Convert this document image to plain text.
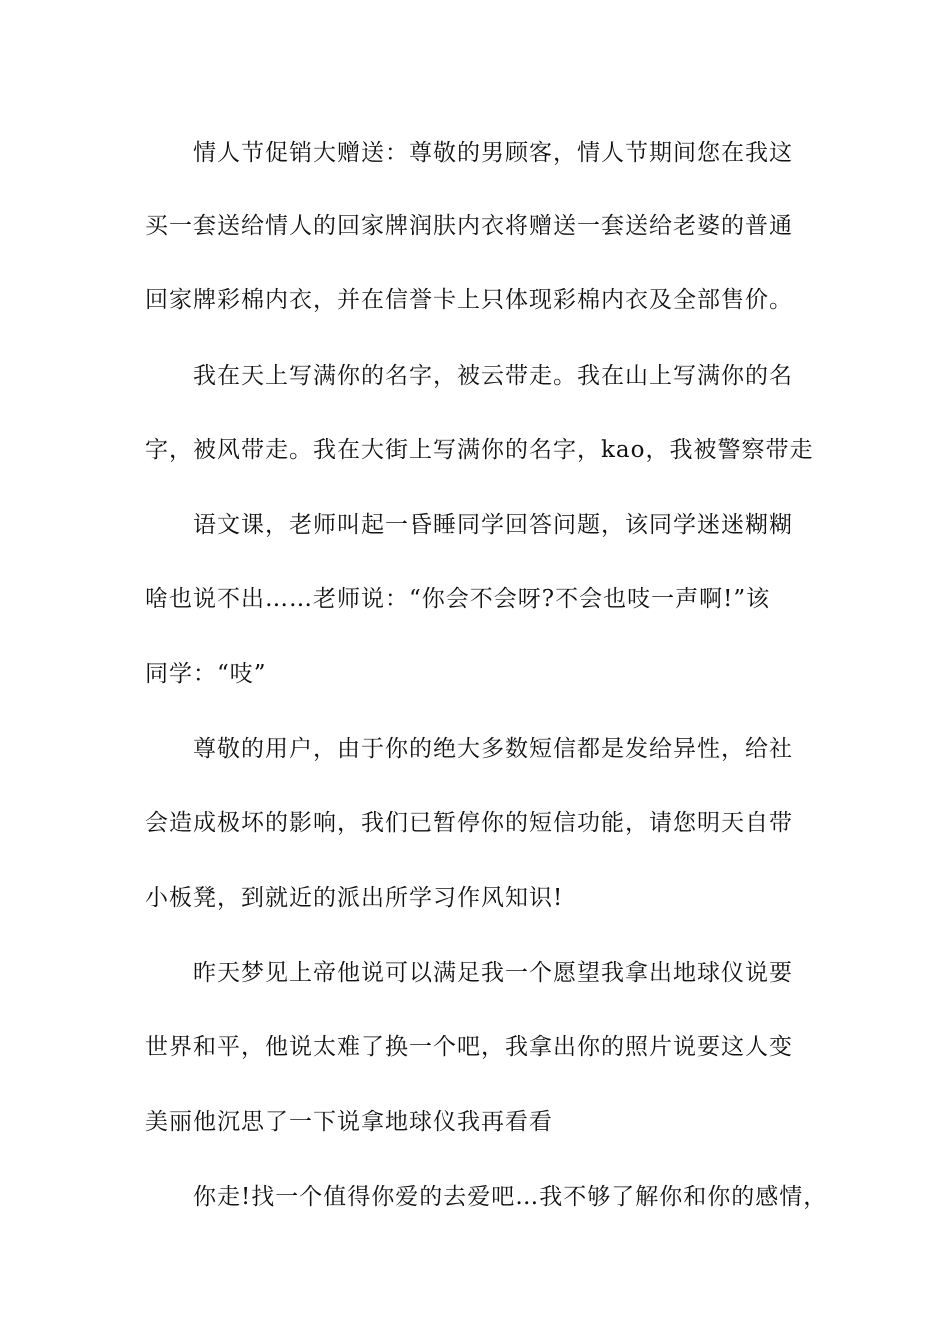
情人节促销大赠送：尊敬的男顾客，情人节期间您在我这
买一套送给情人的回家牌润肤内衣将赠送一套送给老婆的普通
回家牌彩棉内衣，并在信誉卡上只体现彩棉内衣及全部售价。
我在天上写满你的名字，被云带走。我在山上写满你的名
字，被风带走。我在大街上写满你的名字，kao，我被警察带走
语文课，老师叫起一昏睡同学回答问题，该同学迷迷糊糊
啥也说不出……老师说：“你会不会呀?不会也吱一声啊!”该
同学：“吱”
尊敬的用户，由于你的绝大多数短信都是发给异性，给社
会造成极坏的影响，我们已暂停你的短信功能，请您明天自带
小板凳，到就近的派出所学习作风知识!
昨天梦见上帝他说可以满足我一个愿望我拿出地球仪说要
世界和平，他说太难了换一个吧，我拿出你的照片说要这人变
美丽他沉思了一下说拿地球仪我再看看
你走!找一个值得你爱的去爱吧…我不够了解你和你的感情，
